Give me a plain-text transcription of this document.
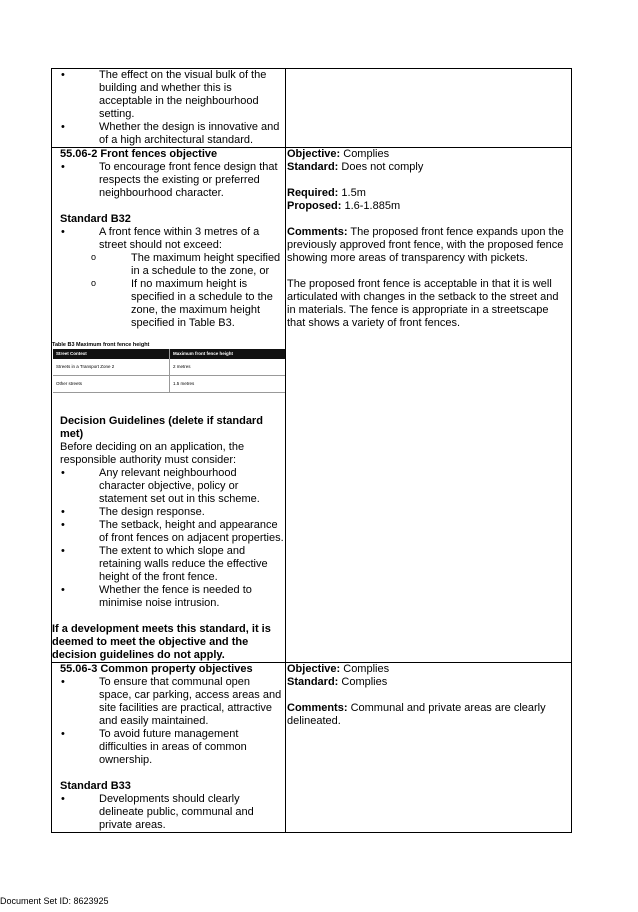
• The effect on the visual bulk of the building and whether this is acceptable in the neighbourhood setting.
• Whether the design is innovative and of a high architectural standard.
55.06-2 Front fences objective
• To encourage front fence design that respects the existing or preferred neighbourhood character.
Standard B32
• A front fence within 3 metres of a street should not exceed:
o The maximum height specified in a schedule to the zone, or
o If no maximum height is specified in a schedule to the zone, the maximum height specified in Table B3.
Table B3 Maximum front fence height
Street Context	Maximum front fence height
Streets in a Transport Zone 2	2 metres
Other streets	1.5 metres
Decision Guidelines (delete if standard met)
Before deciding on an application, the responsible authority must consider:
• Any relevant neighbourhood character objective, policy or statement set out in this scheme.
• The design response.
• The setback, height and appearance of front fences on adjacent properties.
• The extent to which slope and retaining walls reduce the effective height of the front fence.
• Whether the fence is needed to minimise noise intrusion.
If a development meets this standard, it is deemed to meet the objective and the decision guidelines do not apply.
Objective: Complies
Standard: Does not comply
Required: 1.5m
Proposed: 1.6-1.885m
Comments: The proposed front fence expands upon the previously approved front fence, with the proposed fence showing more areas of transparency with pickets.
The proposed front fence is acceptable in that it is well articulated with changes in the setback to the street and in materials. The fence is appropriate in a streetscape that shows a variety of front fences.
55.06-3 Common property objectives
• To ensure that communal open space, car parking, access areas and site facilities are practical, attractive and easily maintained.
• To avoid future management difficulties in areas of common ownership.
Standard B33
• Developments should clearly delineate public, communal and private areas.
Objective: Complies
Standard: Complies
Comments: Communal and private areas are clearly delineated.
Document Set ID: 8623925
